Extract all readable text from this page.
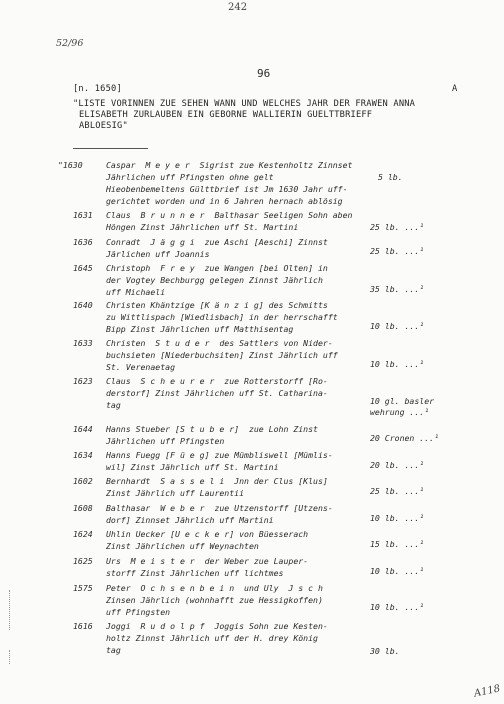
242
52/96
96
[n. 1650]	A
"LISTE VORINNEN ZUE SEHEN WANN UND WELCHES JAHR DER FRAWEN ANNA
ELISABETH ZURLAUBEN EIN GEBORNE WALLIERIN GUELTTBRIEFF
ABLOESIG"
"1630	Caspar  M e y e r  Sigrist zue Kestenholtz Zinnset
Jährlichen uff Pfingsten ohne gelt
Hieobenbemeltens Gülttbrief ist Jm 1630 Jahr uff-
gerichtet worden und in 6 Jahren hernach ablösig
5 lb.
1631	Claus  B r u n n e r  Balthasar Seeligen Sohn aben
Höngen Zinst Jährlichen uff St. Martini	25 lb. ...¹
1636	Conradt  J ä g g i  zue Aschi [Aeschi] Zinnst
Järlichen uff Joannis	25 lb. ...¹
1645	Christoph  F r e y  zue Wangen [bei Olten] in
der Vogtey Bechburgg gelegen Zinnst Jährlich
uff Michaeli	35 lb. ...¹
1640	Christen Khäntzige [K ä n z i g] des Schmitts
zu Wittlispach [Wiedlisbach] in der herrschafft
Bipp Zinst Jährlichen uff Matthisentag	10 lb. ...¹
1633	Christen  S t u d e r  des Sattlers von Nider-
buchsieten [Niederbuchsiten] Zinst Jährlich uff
St. Verenaetag	10 lb. ...¹
1623	Claus  S c h e u r e r  zue Rotterstorff [Ro-
derstorf] Zinst Jährlichen uff St. Catharina-
tag	10 gl. basler
wehrung ...¹
1644	Hanns Stueber [S t u b e r]  zue Lohn Zinst
Jährlichen uff Pfingsten	20 Cronen ...¹
1634	Hanns Fuegg [F ü e g] zue Mümbliswell [Mümlis-
wil] Zinst Jährlich uff St. Martini	20 lb. ...¹
1602	Bernhardt  S a s s e l i  Jnn der Clus [Klus]
Zinst Jährlich uff Laurentii	25 lb. ...¹
1608	Balthasar  W e b e r  zue Utzenstorff [Utzens-
dorf] Zinnset Jährlich uff Martini	10 lb. ...¹
1624	Uhlin Uecker [U e c k e r] von Büesserach
Zinst Jährlichen uff Weynachten	15 lb. ...¹
1625	Urs  M e i s t e r  der Weber zue Lauper-
storff Zinst Jährlichen uff lichtmes	10 lb. ...¹
1575	Peter  O c h s e n b e i n  und Uly  J s c h
Zinsen Jährlich (wohnhafft zue Hessigkoffen)
uff Pfingsten	10 lb. ...¹
1616	Joggi  R u d o l p f  Joggis Sohn zue Kesten-
holtz Zinnst Jährlich uff der H. drey König
tag	30 lb.
A118
